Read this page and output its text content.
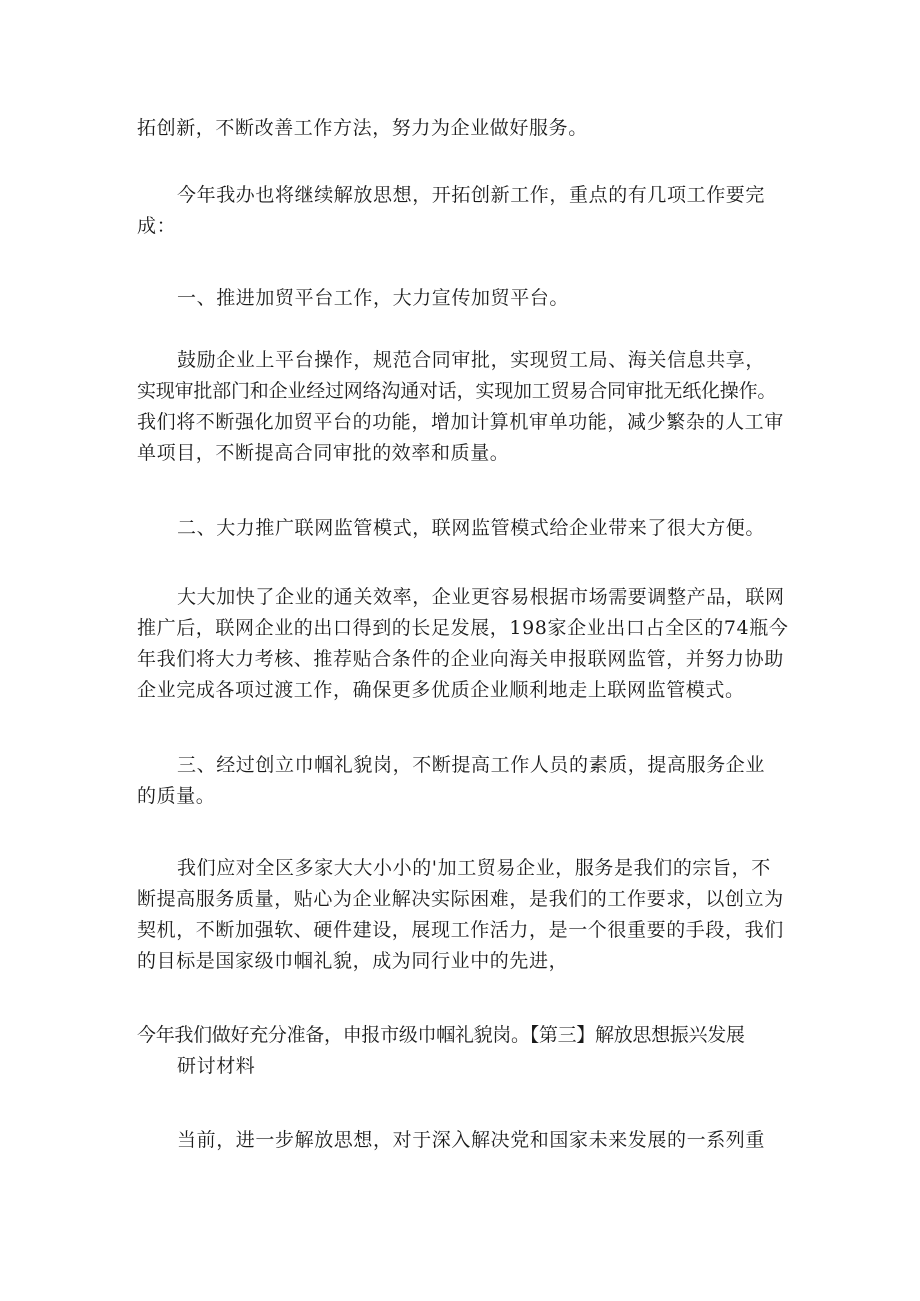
拓创新，不断改善工作方法，努力为企业做好服务。

今年我办也将继续解放思想，开拓创新工作，重点的有几项工作要完
成：

一、推进加贸平台工作，大力宣传加贸平台。

鼓励企业上平台操作，规范合同审批，实现贸工局、海关信息共享，
实现审批部门和企业经过网络沟通对话，实现加工贸易合同审批无纸化操作。
我们将不断强化加贸平台的功能，增加计算机审单功能，减少繁杂的人工审
单项目，不断提高合同审批的效率和质量。

二、大力推广联网监管模式，联网监管模式给企业带来了很大方便。

大大加快了企业的通关效率，企业更容易根据市场需要调整产品，联网
推广后，联网企业的出口得到的长足发展，198家企业出口占全区的74瓶今
年我们将大力考核、推荐贴合条件的企业向海关申报联网监管，并努力协助
企业完成各项过渡工作，确保更多优质企业顺利地走上联网监管模式。

三、经过创立巾帼礼貌岗，不断提高工作人员的素质，提高服务企业
的质量。

我们应对全区多家大大小小的'加工贸易企业，服务是我们的宗旨，不
断提高服务质量，贴心为企业解决实际困难，是我们的工作要求，以创立为
契机，不断加强软、硬件建设，展现工作活力，是一个很重要的手段，我们
的目标是国家级巾帼礼貌，成为同行业中的先进，

今年我们做好充分准备，申报市级巾帼礼貌岗。【第三】解放思想振兴发展
研讨材料

当前，进一步解放思想，对于深入解决党和国家未来发展的一系列重
